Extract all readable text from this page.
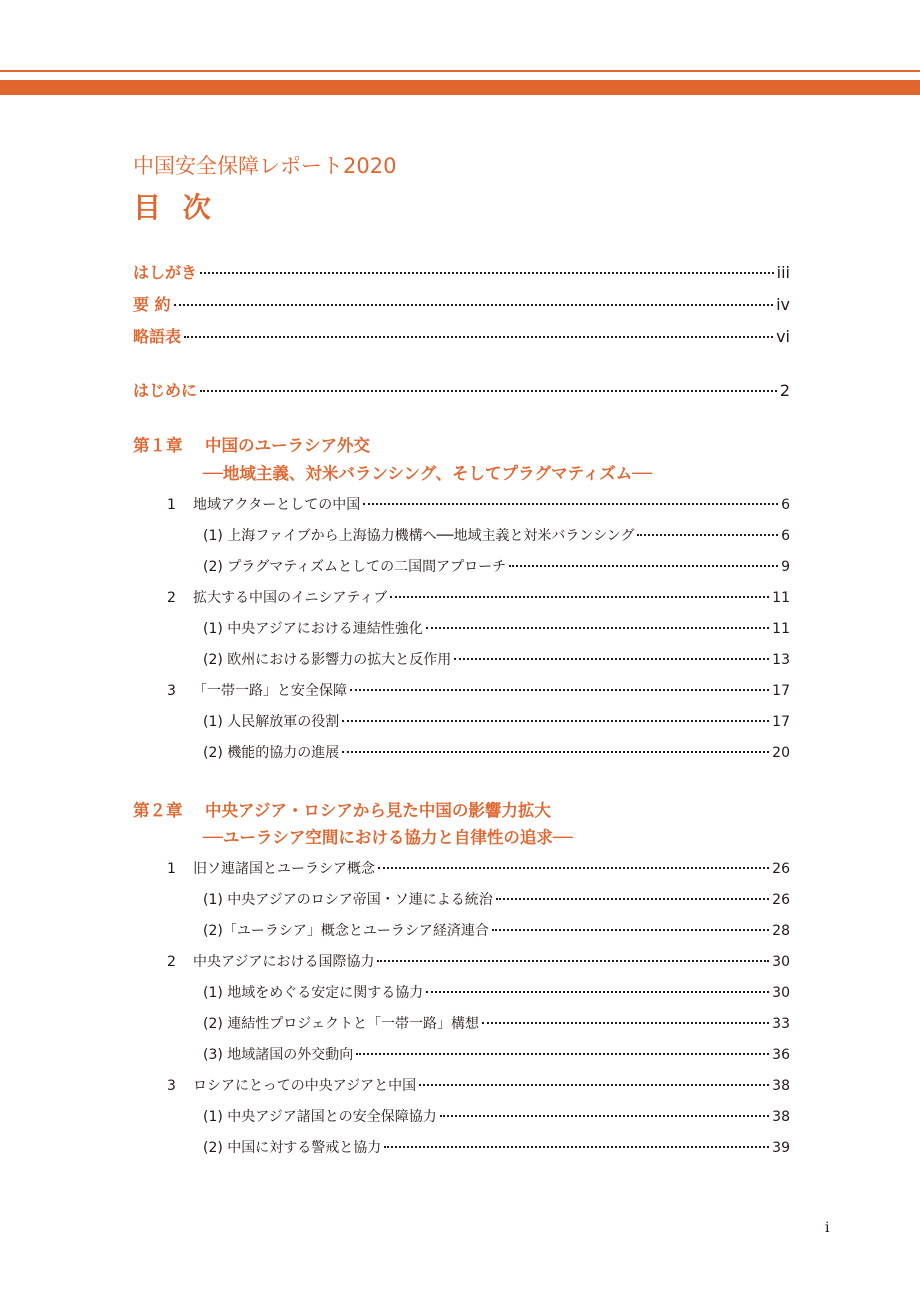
中国安全保障レポート2020
目 次
はしがき	iii
要 約	iv
略語表	vi
はじめに	2
第１章 中国のユーラシア外交
──地域主義、対米バランシング、そしてプラグマティズム──
1	地域アクターとしての中国	6
(1) 上海ファイブから上海協力機構へ──地域主義と対米バランシング	6
(2) プラグマティズムとしての二国間アプローチ	9
2	拡大する中国のイニシアティブ	11
(1) 中央アジアにおける連結性強化	11
(2) 欧州における影響力の拡大と反作用	13
3	「一帯一路」と安全保障	17
(1) 人民解放軍の役割	17
(2) 機能的協力の進展	20
第２章 中央アジア・ロシアから見た中国の影響力拡大
──ユーラシア空間における協力と自律性の追求──
1	旧ソ連諸国とユーラシア概念	26
(1) 中央アジアのロシア帝国・ソ連による統治	26
(2)「ユーラシア」概念とユーラシア経済連合	28
2	中央アジアにおける国際協力	30
(1) 地域をめぐる安定に関する協力	30
(2) 連結性プロジェクトと「一帯一路」構想	33
(3) 地域諸国の外交動向	36
3	ロシアにとっての中央アジアと中国	38
(1) 中央アジア諸国との安全保障協力	38
(2) 中国に対する警戒と協力	39
i
